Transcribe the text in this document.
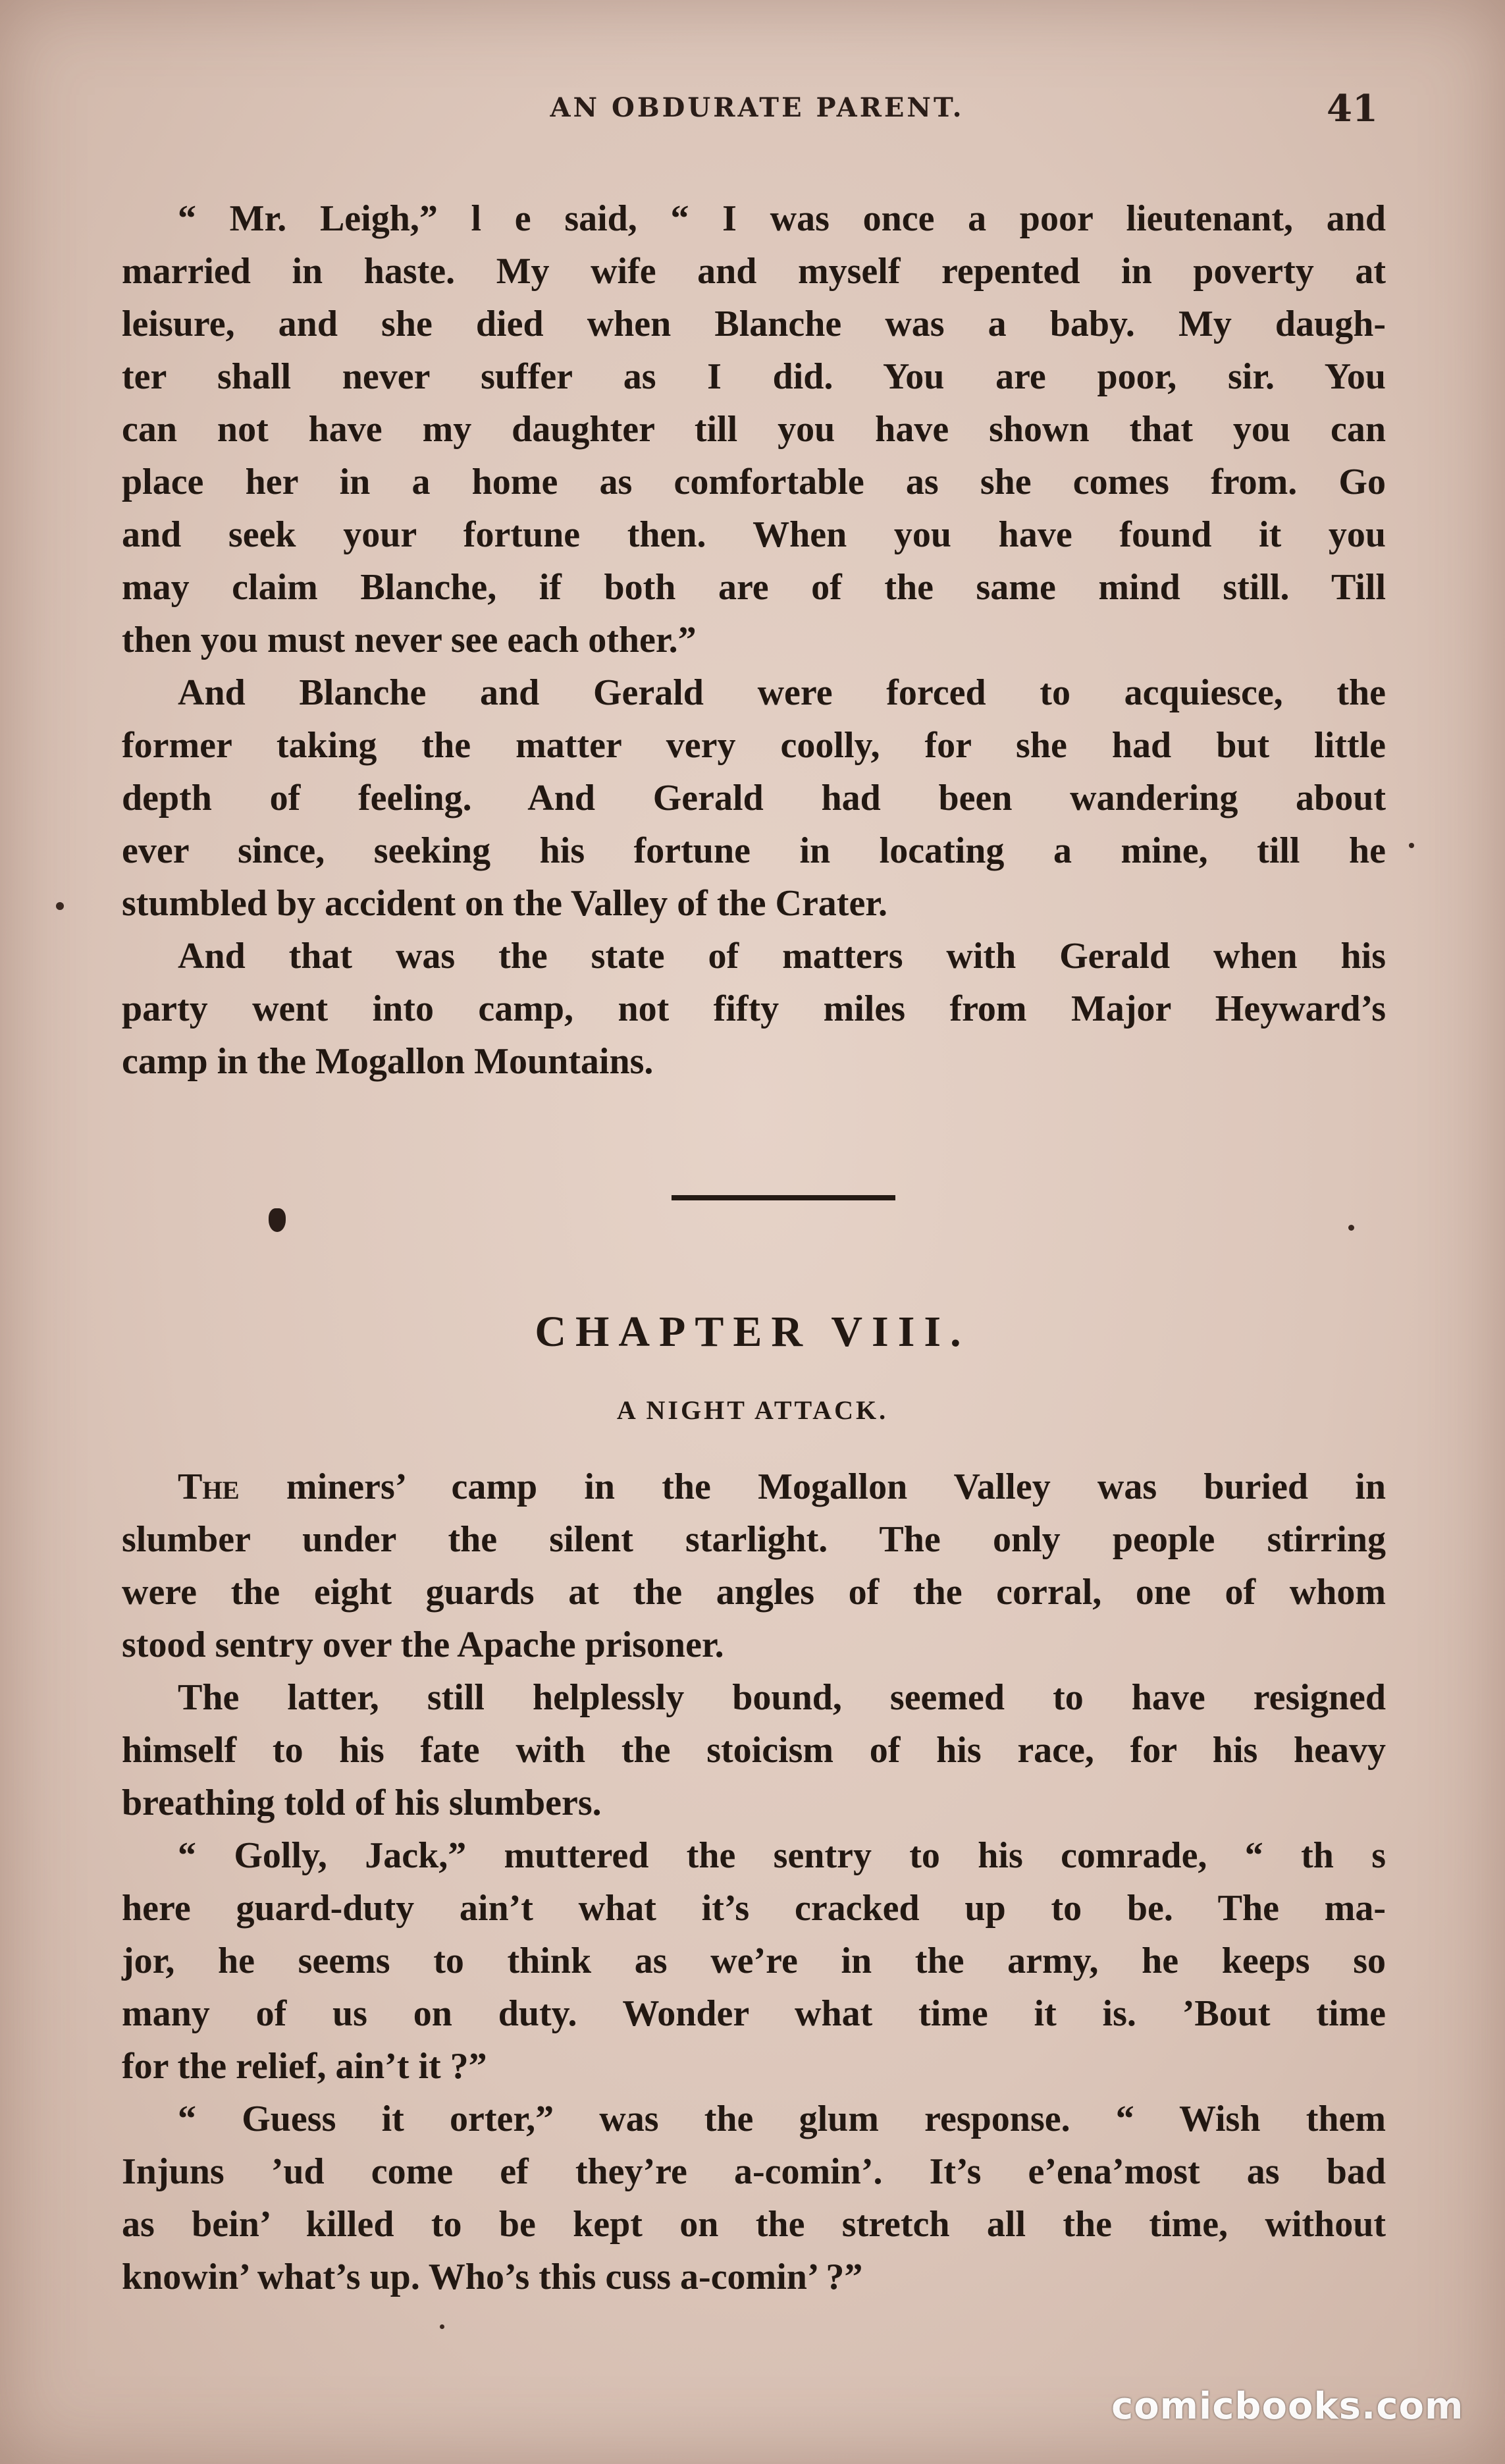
AN OBDURATE PARENT.	41
“ Mr. Leigh,” l e said, “ I was once a poor lieutenant, and
married in haste. My wife and myself repented in poverty at
leisure, and she died when Blanche was a baby. My daugh-
ter shall never suffer as I did. You are poor, sir. You
can not have my daughter till you have shown that you can
place her in a home as comfortable as she comes from. Go
and seek your fortune then. When you have found it you
may claim Blanche, if both are of the same mind still. Till
then you must never see each other.”
And Blanche and Gerald were forced to acquiesce, the
former taking the matter very coolly, for she had but little
depth of feeling. And Gerald had been wandering about
ever since, seeking his fortune in locating a mine, till he
stumbled by accident on the Valley of the Crater.
And that was the state of matters with Gerald when his
party went into camp, not fifty miles from Major Heyward’s
c⁠amp in the Mogallon Mountains.
CHAPTER VIII.
A NIGHT ATTACK.
The miners’ camp in the Mogallon Valley was buried in
slumber under the silent starlight. The only people stirring
were the eight guards at the angles of the corral, one of whom
stood sentry over the Apache prisoner.
The latter, still helplessly bound, seemed to have resigned
himself to his fate with the stoicism of his race, for his heavy
breathing told of his slumbers.
“ Golly, Jack,” muttered the sentry to his comrade, “ th s
here guard-duty ain’t what it’s cracked up to be. The ma-
jor, he seems to think as we’re in the army, he keeps so
many of us on duty. Wonder what time it is. ’Bout time
for the relief, ain’t it ?”
“ Guess it orter,” was the glum response. “ Wish them
Injuns ’ud come ef they’re a-comin’. It’s e’ena’most as bad
as bein’ killed to be kept on the stretch all the time, without
knowin’ what’s up. Who’s this cuss a-comin’ ?”
comicbooks.com
